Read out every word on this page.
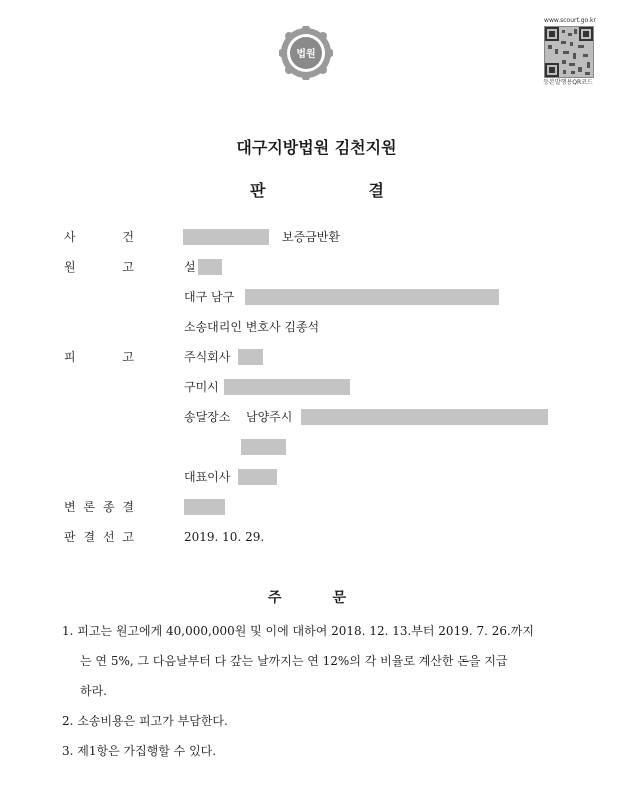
법원
www.scourt.go.kr
등본발행용QR코드
대구지방법원 김천지원
판	결
사	건	보증금반환
원	고	설
대구 남구
소송대리인 변호사 김종석
피	고	주식회사
구미시
송달장소 남양주시
대표이사
변 론 종 결
판 결 선 고	2019. 10. 29.
주	문
1. 피고는 원고에게 40,000,000원 및 이에 대하여 2018. 12. 13.부터 2019. 7. 26.까지
는 연 5%, 그 다음날부터 다 갚는 날까지는 연 12%의 각 비율로 계산한 돈을 지급
하라.
2. 소송비용은 피고가 부담한다.
3. 제1항은 가집행할 수 있다.
